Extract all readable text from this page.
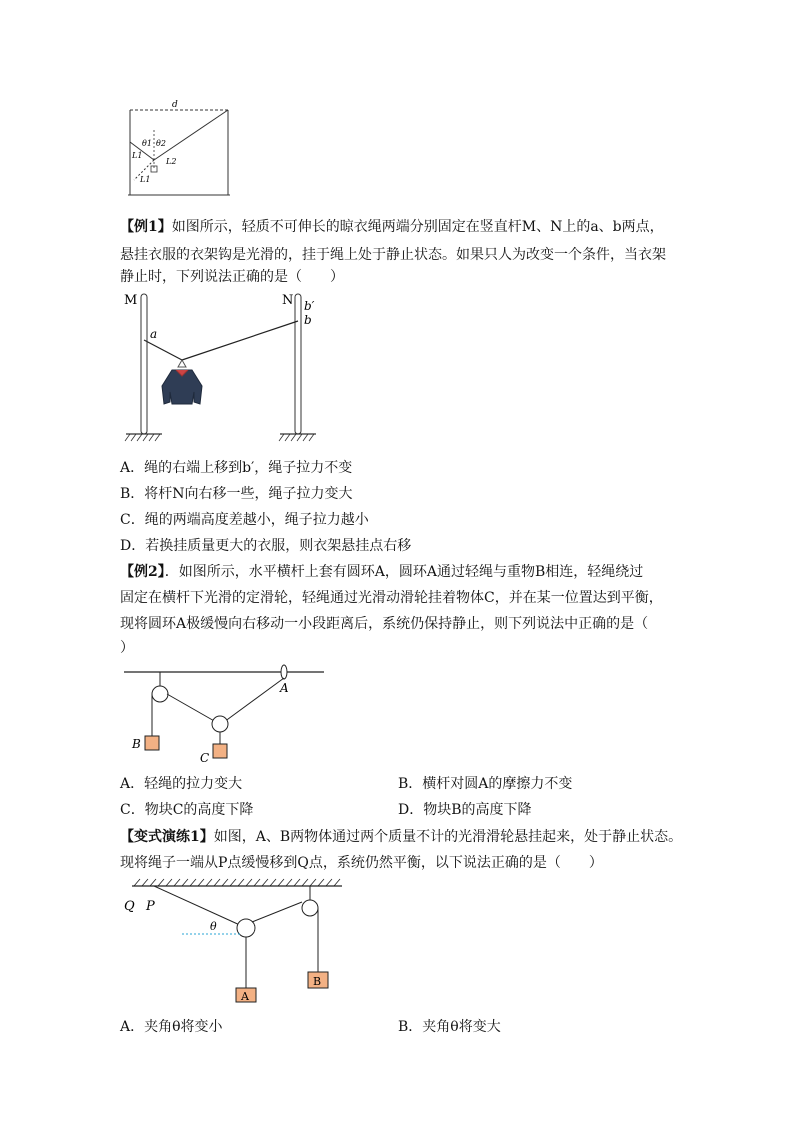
d
θ1 θ2
L1
L2
L1
【例1】如图所示，轻质不可伸长的晾衣绳两端分别固定在竖直杆M、N上的a、b两点，
悬挂衣服的衣架钩是光滑的，挂于绳上处于静止状态。如果只人为改变一个条件，当衣架
静止时，下列说法正确的是（　　）
M	N b′
b
a
A．绳的右端上移到b′，绳子拉力不变
B．将杆N向右移一些，绳子拉力变大
C．绳的两端高度差越小，绳子拉力越小
D．若换挂质量更大的衣服，则衣架悬挂点右移
【例2】．如图所示，水平横杆上套有圆环A，圆环A通过轻绳与重物B相连，轻绳绕过
固定在横杆下光滑的定滑轮，轻绳通过光滑动滑轮挂着物体C，并在某一位置达到平衡，
现将圆环A极缓慢向右移动一小段距离后，系统仍保持静止，则下列说法中正确的是（
）
A
B
C
A．轻绳的拉力变大	B．横杆对圆A的摩擦力不变
C．物块C的高度下降	D．物块B的高度下降
【变式演练1】如图，A、B两物体通过两个质量不计的光滑滑轮悬挂起来，处于静止状态。
现将绳子一端从P点缓慢移到Q点，系统仍然平衡，以下说法正确的是（　　）
Q P
θ
A
B
A．夹角θ将变小	B．夹角θ将变大
